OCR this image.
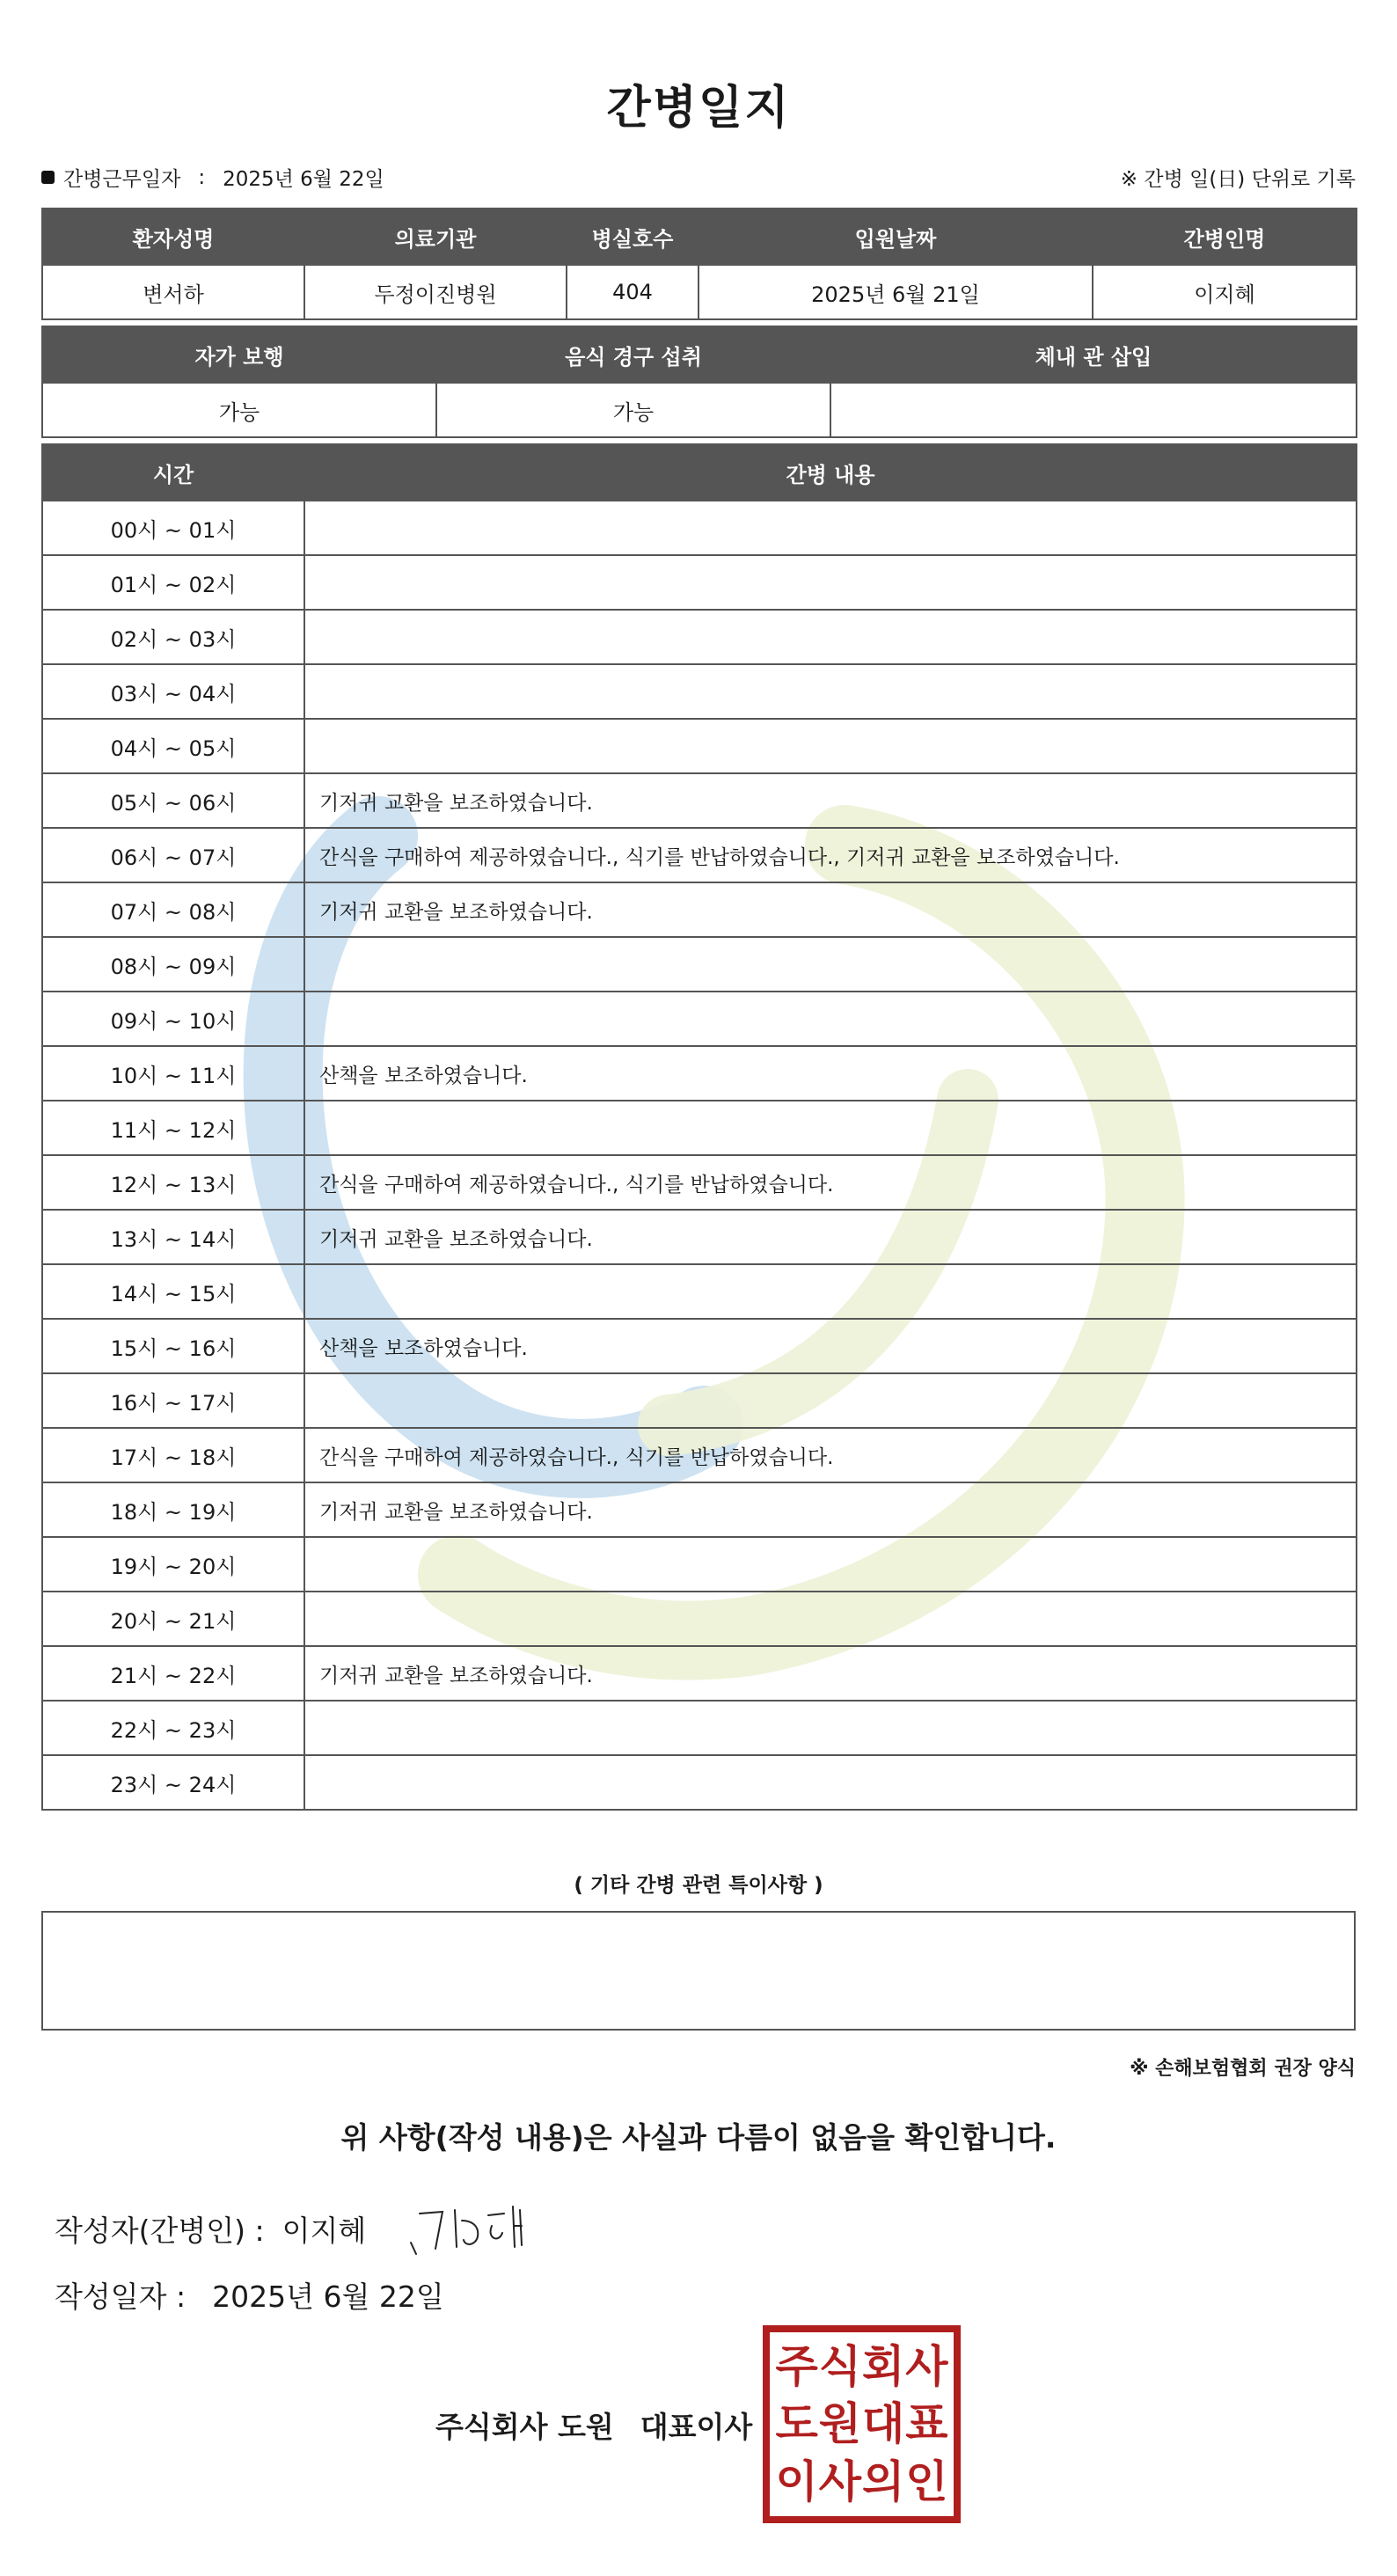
간병일지
간병근무일자 : 2025년 6월 22일	※ 간병 일(日) 단위로 기록
환자성명	의료기관	병실호수	입원날짜	간병인명
변서하	두정이진병원	404	2025년 6월 21일	이지혜
자가 보행	음식 경구 섭취	체내 관 삽입
가능	가능	
시간	간병 내용
00시 ~ 01시	
01시 ~ 02시	
02시 ~ 03시	
03시 ~ 04시	
04시 ~ 05시	
05시 ~ 06시	기저귀 교환을 보조하였습니다.
06시 ~ 07시	간식을 구매하여 제공하였습니다., 식기를 반납하였습니다., 기저귀 교환을 보조하였습니다.
07시 ~ 08시	기저귀 교환을 보조하였습니다.
08시 ~ 09시	
09시 ~ 10시	
10시 ~ 11시	산책을 보조하였습니다.
11시 ~ 12시	
12시 ~ 13시	간식을 구매하여 제공하였습니다., 식기를 반납하였습니다.
13시 ~ 14시	기저귀 교환을 보조하였습니다.
14시 ~ 15시	
15시 ~ 16시	산책을 보조하였습니다.
16시 ~ 17시	
17시 ~ 18시	간식을 구매하여 제공하였습니다., 식기를 반납하였습니다.
18시 ~ 19시	기저귀 교환을 보조하였습니다.
19시 ~ 20시	
20시 ~ 21시	
21시 ~ 22시	기저귀 교환을 보조하였습니다.
22시 ~ 23시	
23시 ~ 24시	
( 기타 간병 관련 특이사항 )
※ 손해보험협회 권장 양식
위 사항(작성 내용)은 사실과 다름이 없음을 확인합니다.
작성자(간병인) : 이지혜
작성일자 : 2025년 6월 22일
주식회사 도원 대표이사
주 식 회 사
도 원 대 표
이 사 의 인
